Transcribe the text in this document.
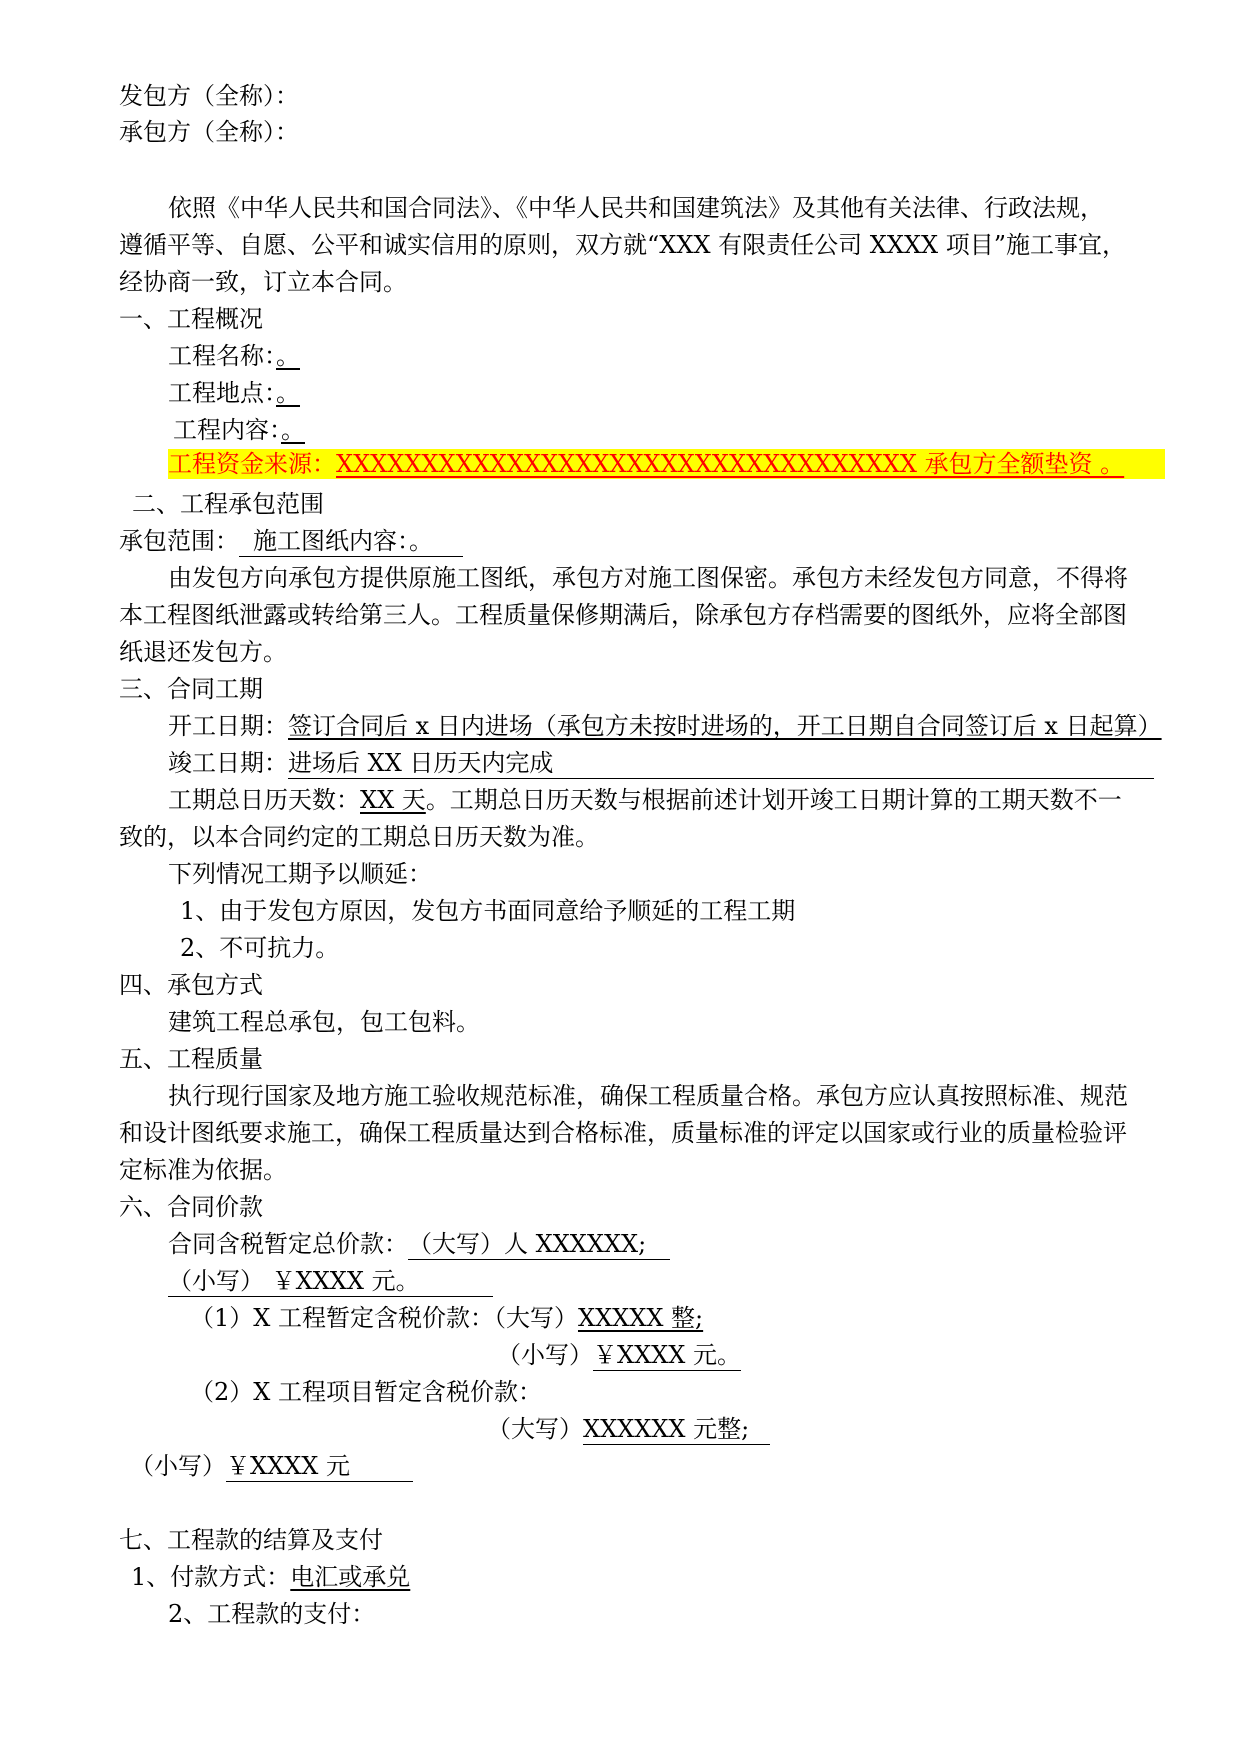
发包方（全称）：
承包方（全称）：
依照《中华人民共和国合同法》、《中华人民共和国建筑法》及其他有关法律、行政法规，
遵循平等、自愿、公平和诚实信用的原则，双方就“XXX 有限责任公司 XXXX 项目”施工事宜，
经协商一致，订立本合同。
一、工程概况
工程名称：。
工程地点：。
工程内容：。
工程资金来源：XXXXXXXXXXXXXXXXXXXXXXXXXXXXXXXXXX 承包方全额垫资 。
二、工程承包范围
承包范围： 施工图纸内容：。
由发包方向承包方提供原施工图纸，承包方对施工图保密。承包方未经发包方同意，不得将
本工程图纸泄露或转给第三人。工程质量保修期满后，除承包方存档需要的图纸外，应将全部图
纸退还发包方。
三、合同工期
开工日期：签订合同后 x 日内进场（承包方未按时进场的，开工日期自合同签订后 x 日起算）
竣工日期：进场后 XX 日历天内完成
工期总日历天数：XX 天。工期总日历天数与根据前述计划开竣工日期计算的工期天数不一
致的，以本合同约定的工期总日历天数为准。
下列情况工期予以顺延：
1、由于发包方原因，发包方书面同意给予顺延的工程工期
2、不可抗力。
四、承包方式
建筑工程总承包，包工包料。
五、工程质量
执行现行国家及地方施工验收规范标准，确保工程质量合格。承包方应认真按照标准、规范
和设计图纸要求施工，确保工程质量达到合格标准，质量标准的评定以国家或行业的质量检验评
定标准为依据。
六、合同价款
合同含税暂定总价款：（大写）人 XXXXXX;
（小写） ￥XXXX 元。
（1）X 工程暂定含税价款：（大写）XXXXX 整;
（小写）￥XXXX 元。
（2）X 工程项目暂定含税价款：
（大写）XXXXXX 元整;
（小写）￥XXXX 元
七、工程款的结算及支付
1、付款方式：电汇或承兑
2、工程款的支付：
